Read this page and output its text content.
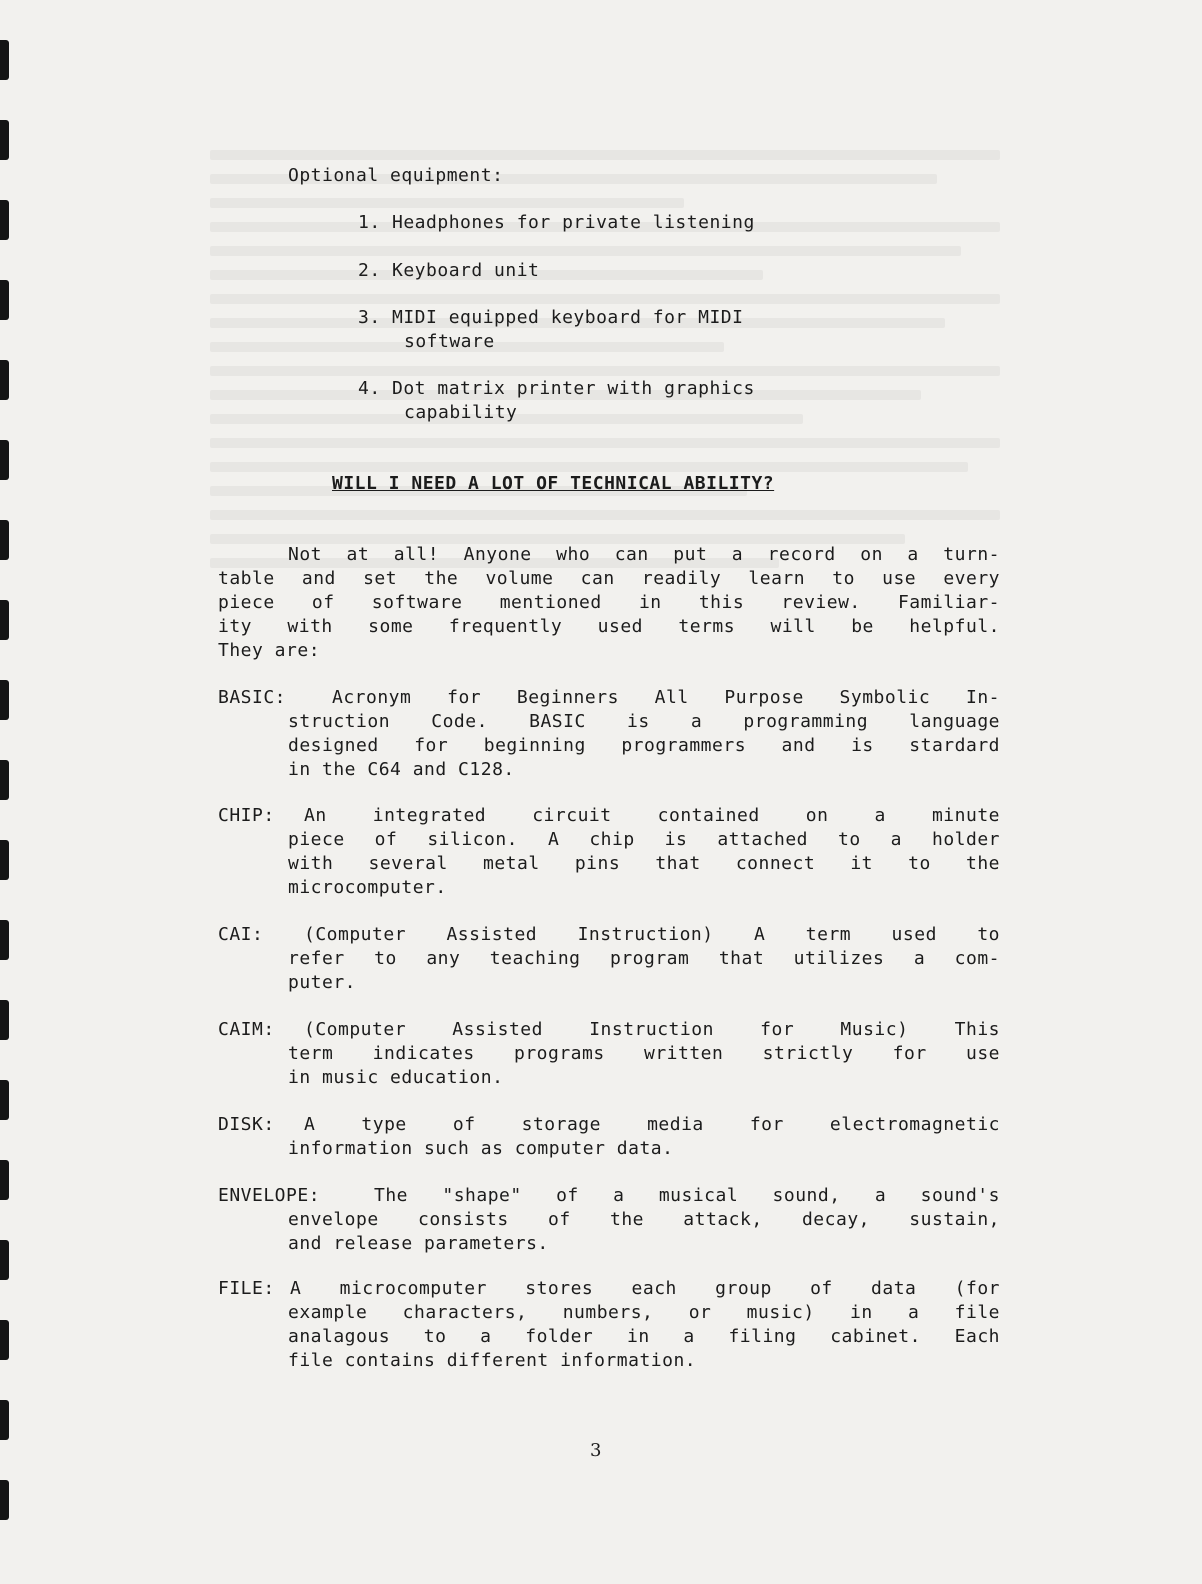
Optional equipment:
1. Headphones for private listening
2. Keyboard unit
3. MIDI equipped keyboard for MIDI
software
4. Dot matrix printer with graphics
capability
WILL I NEED A LOT OF TECHNICAL ABILITY?
Not at all! Anyone who can put a record on a turn-
table and set the volume can readily learn to use every
piece of software mentioned in this review. Familiar-
ity with some frequently used terms will be helpful.
They are:
BASIC:	Acronym for Beginners All Purpose Symbolic In-
struction Code. BASIC is a programming language
designed for beginning programmers and is stardard
in the C64 and C128.
CHIP: An integrated circuit contained on a minute
piece of silicon. A chip is attached to a holder
with several metal pins that connect it to the
microcomputer.
CAI: (Computer Assisted Instruction) A term used to
refer to any teaching program that utilizes a com-
puter.
CAIM: (Computer Assisted Instruction for Music) This
term indicates programs written strictly for use
in music education.
DISK: A type of storage media for electromagnetic
information such as computer data.
ENVELOPE:	The "shape" of a musical sound, a sound's
envelope consists of the attack, decay, sustain,
and release parameters.
FILE: A microcomputer stores each group of data (for
example characters, numbers, or music) in a file
analagous to a folder in a filing cabinet. Each
file contains different information.
3
